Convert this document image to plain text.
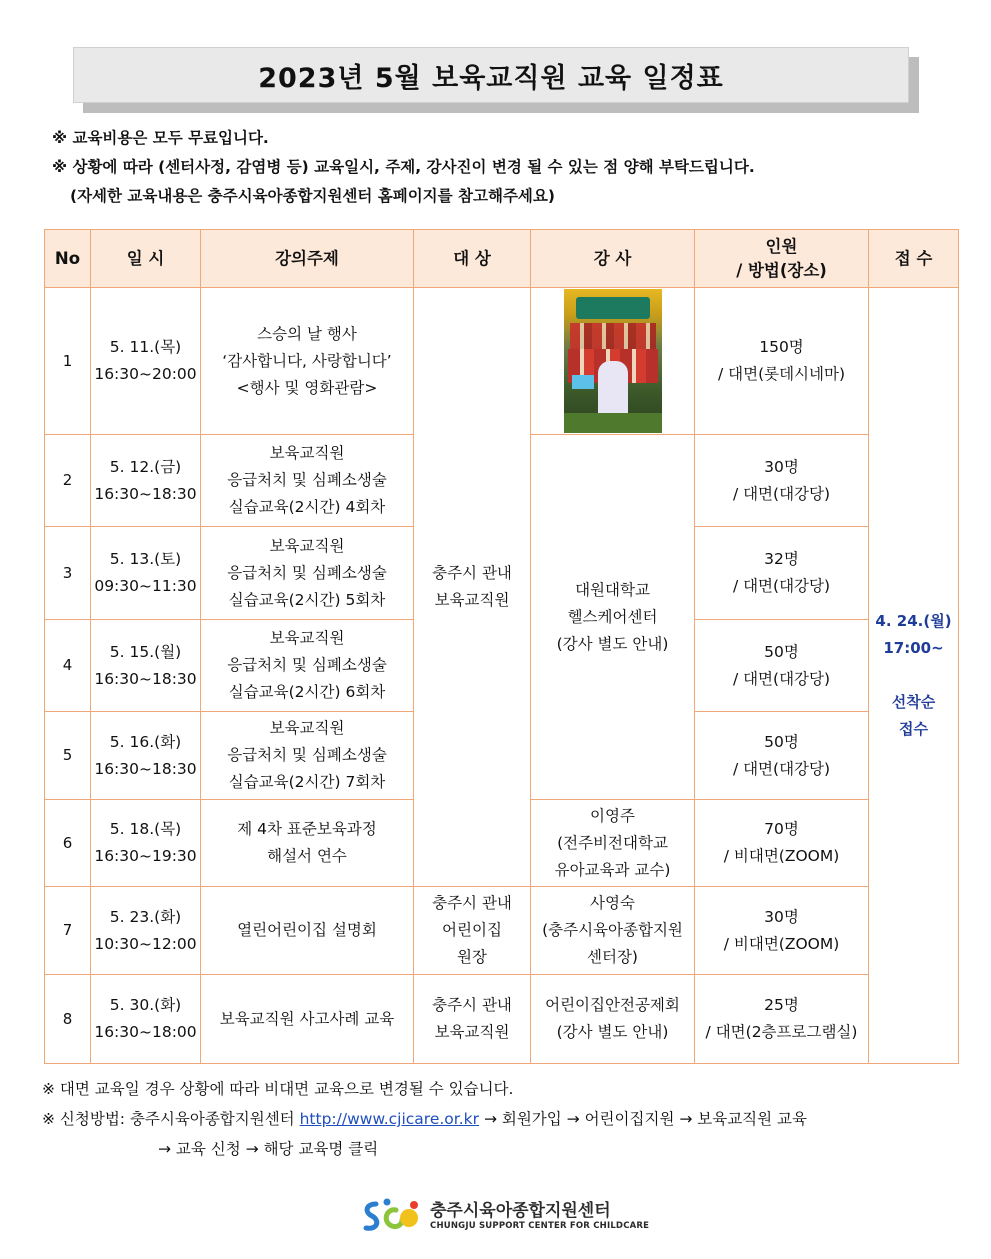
2023년 5월 보육교직원 교육 일정표
※ 교육비용은 모두 무료입니다.
※ 상황에 따라 (센터사정, 감염병 등) 교육일시, 주제, 강사진이 변경 될 수 있는 점 양해 부탁드립니다.
(자세한 교육내용은 충주시육아종합지원센터 홈페이지를 참고해주세요)
No	일 시	강의주제	대 상	강 사	인원
/ 방법(장소)	접 수
1	5. 11.(목)
16:30~20:00	스승의 날 행사
‘감사합니다, 사랑합니다’
<행사 및 영화관람>	충주시 관내
보육교직원		150명
/ 대면(롯데시네마)	4. 24.(월)
17:00~
선착순
접수

2	5. 12.(금)
16:30~18:30	보육교직원
응급처치 및 심폐소생술
실습교육(2시간) 4회차		대원대학교
헬스케어센터
(강사 별도 안내)	30명
/ 대면(대강당)	

3	5. 13.(토)
09:30~11:30	보육교직원
응급처치 및 심폐소생술
실습교육(2시간) 5회차			32명
/ 대면(대강당)	

4	5. 15.(월)
16:30~18:30	보육교직원
응급처치 및 심폐소생술
실습교육(2시간) 6회차			50명
/ 대면(대강당)	

5	5. 16.(화)
16:30~18:30	보육교직원
응급처치 및 심폐소생술
실습교육(2시간) 7회차			50명
/ 대면(대강당)	

6	5. 18.(목)
16:30~19:30	제 4차 표준보육과정
해설서 연수		이영주
(전주비전대학교
유아교육과 교수)	70명
/ 비대면(ZOOM)	

7	5. 23.(화)
10:30~12:00	열린어린이집 설명회	충주시 관내
어린이집
원장	사영숙
(충주시육아종합지원
센터장)	30명
/ 비대면(ZOOM)	

8	5. 30.(화)
16:30~18:00	보육교직원 사고사례 교육	충주시 관내
보육교직원	어린이집안전공제회
(강사 별도 안내)	25명
/ 대면(2층프로그램실)	
※ 대면 교육일 경우 상황에 따라 비대면 교육으로 변경될 수 있습니다.
※ 신청방법: 충주시육아종합지원센터 http://www.cjicare.or.kr → 회원가입 → 어린이집지원 → 보육교직원 교육
→ 교육 신청 → 해당 교육명 클릭
충주시육아종합지원센터
CHUNGJU SUPPORT CENTER FOR CHILDCARE
